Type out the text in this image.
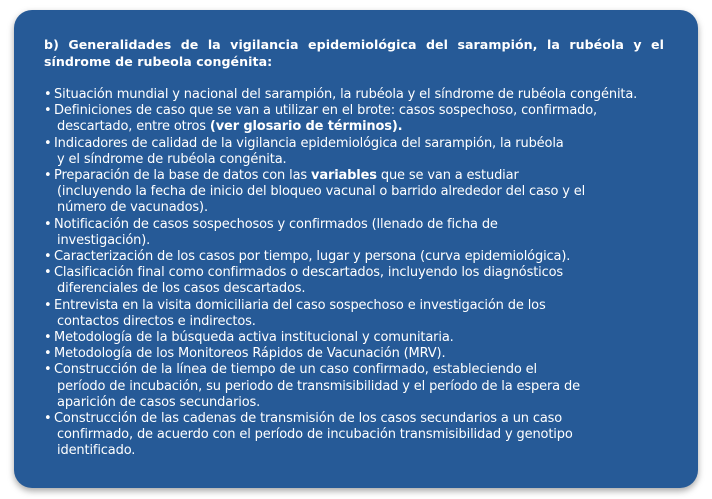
b) Generalidades de la vigilancia epidemiológica del sarampión, la rubéola y el síndrome de rubeola congénita:

• Situación mundial y nacional del sarampión, la rubéola y el síndrome de rubéola congénita.
• Definiciones de caso que se van a utilizar en el brote: casos sospechoso, confirmado,
descartado, entre otros (ver glosario de términos).
• Indicadores de calidad de la vigilancia epidemiológica del sarampión, la rubéola
y el síndrome de rubéola congénita.
• Preparación de la base de datos con las variables que se van a estudiar
(incluyendo la fecha de inicio del bloqueo vacunal o barrido alrededor del caso y el
número de vacunados).
• Notificación de casos sospechosos y confirmados (llenado de ficha de
investigación).
• Caracterización de los casos por tiempo, lugar y persona (curva epidemiológica).
• Clasificación final como confirmados o descartados, incluyendo los diagnósticos
diferenciales de los casos descartados.
• Entrevista en la visita domiciliaria del caso sospechoso e investigación de los
contactos directos e indirectos.
• Metodología de la búsqueda activa institucional y comunitaria.
• Metodología de los Monitoreos Rápidos de Vacunación (MRV).
• Construcción de la línea de tiempo de un caso confirmado, estableciendo el
período de incubación, su periodo de transmisibilidad y el período de la espera de
aparición de casos secundarios.
• Construcción de las cadenas de transmisión de los casos secundarios a un caso
confirmado, de acuerdo con el período de incubación transmisibilidad y genotipo
identificado.
